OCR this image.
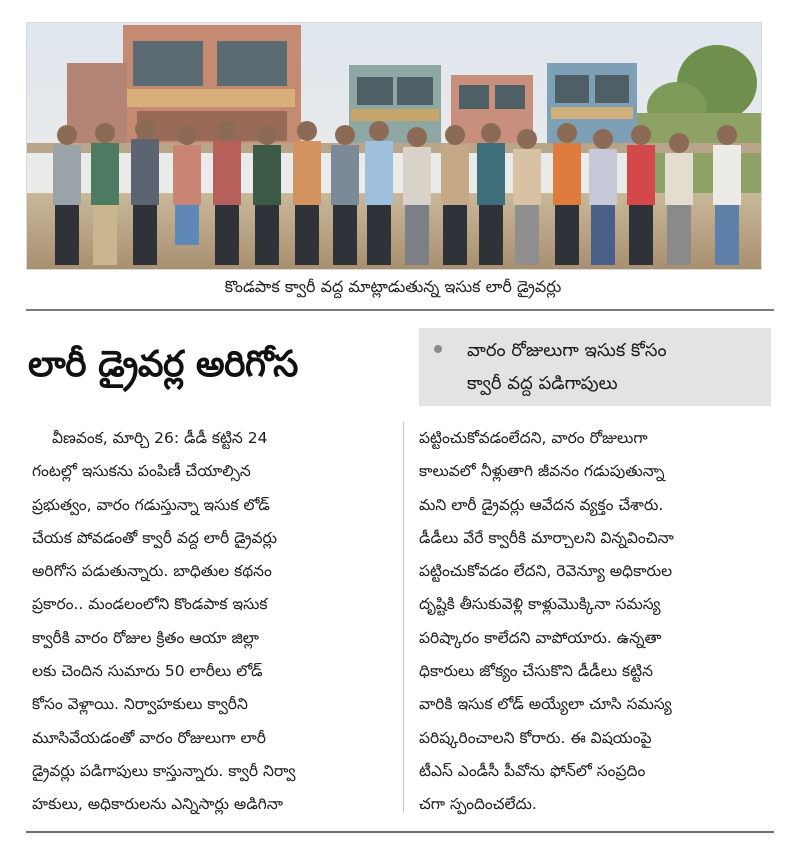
కొండపాక క్వారీ వద్ద మాట్లాడుతున్న ఇసుక లారీ డ్రైవర్లు
లారీ డ్రైవర్ల అరిగోస	వారం రోజులుగా ఇసుక కోసం
క్వారీ వద్ద పడిగాపులు
వీణవంక, మార్చి 26: డీడీ కట్టిన 24
గంటల్లో ఇసుకను పంపిణీ చేయాల్సిన
ప్రభుత్వం, వారం గడుస్తున్నా ఇసుక లోడ్
చేయక పోవడంతో క్వారీ వద్ద లారీ డ్రైవర్లు
అరిగోస పడుతున్నారు. బాధితుల కథనం
ప్రకారం.. మండలంలోని కొండపాక ఇసుక
క్వారీకి వారం రోజుల క్రితం ఆయా జిల్లా
లకు చెందిన సుమారు 50 లారీలు లోడ్
కోసం వెళ్లాయి. నిర్వాహకులు క్వారీని
మూసివేయడంతో వారం రోజులుగా లారీ
డ్రైవర్లు పడిగాపులు కాస్తున్నారు. క్వారీ నిర్వా
హకులు, అధికారులను ఎన్నిసార్లు అడిగినా
పట్టించుకోవడంలేదని, వారం రోజులుగా
కాలువలో నీళ్లుతాగి జీవనం గడుపుతున్నా
మని లారీ డ్రైవర్లు ఆవేదన వ్యక్తం చేశారు.
డీడీలు వేరే క్వారీకి మార్చాలని విన్నవించినా
పట్టించుకోవడం లేదని, రెవెన్యూ అధికారుల
దృష్టికి తీసుకువెళ్లి కాళ్లుమొక్కినా సమస్య
పరిష్కారం కాలేదని వాపోయారు. ఉన్నతా
ధికారులు జోక్యం చేసుకొని డీడీలు కట్టిన
వారికి ఇసుక లోడ్ అయ్యేలా చూసి సమస్య
పరిష్కరించాలని కోరారు. ఈ విషయంపై
టీఎస్ ఎండీసీ పీవోను ఫోన్‌లో సంప్రదిం
చగా స్పందించలేదు.
